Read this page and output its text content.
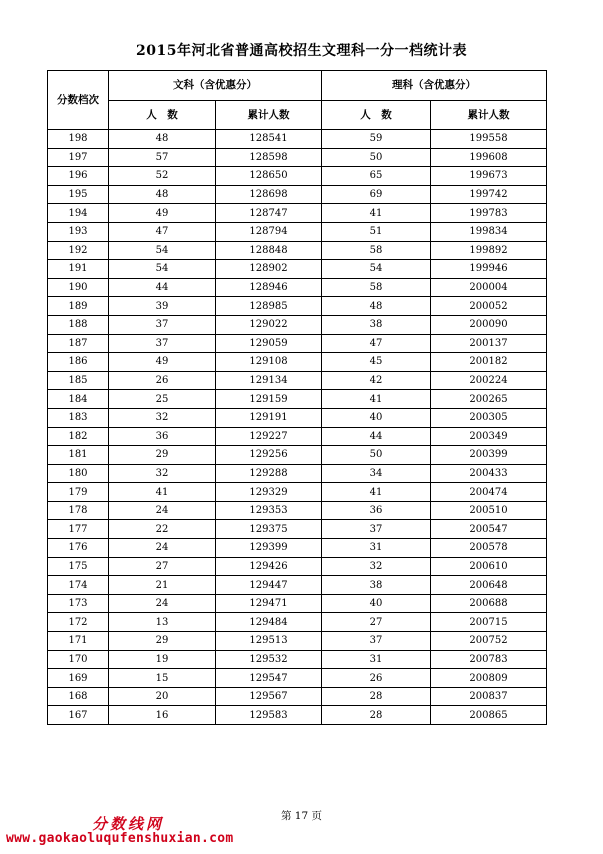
2015年河北省普通高校招生文理科一分一档统计表
分数档次	文科（含优惠分）		理科（含优惠分）	
	人　数	累计人数	人　数	累计人数
198	48	128541	59	199558
197	57	128598	50	199608
196	52	128650	65	199673
195	48	128698	69	199742
194	49	128747	41	199783
193	47	128794	51	199834
192	54	128848	58	199892
191	54	128902	54	199946
190	44	128946	58	200004
189	39	128985	48	200052
188	37	129022	38	200090
187	37	129059	47	200137
186	49	129108	45	200182
185	26	129134	42	200224
184	25	129159	41	200265
183	32	129191	40	200305
182	36	129227	44	200349
181	29	129256	50	200399
180	32	129288	34	200433
179	41	129329	41	200474
178	24	129353	36	200510
177	22	129375	37	200547
176	24	129399	31	200578
175	27	129426	32	200610
174	21	129447	38	200648
173	24	129471	40	200688
172	13	129484	27	200715
171	29	129513	37	200752
170	19	129532	31	200783
169	15	129547	26	200809
168	20	129567	28	200837
167	16	129583	28	200865
第 17 页
分数线网
www.gaokaoluqufenshuxian.com
